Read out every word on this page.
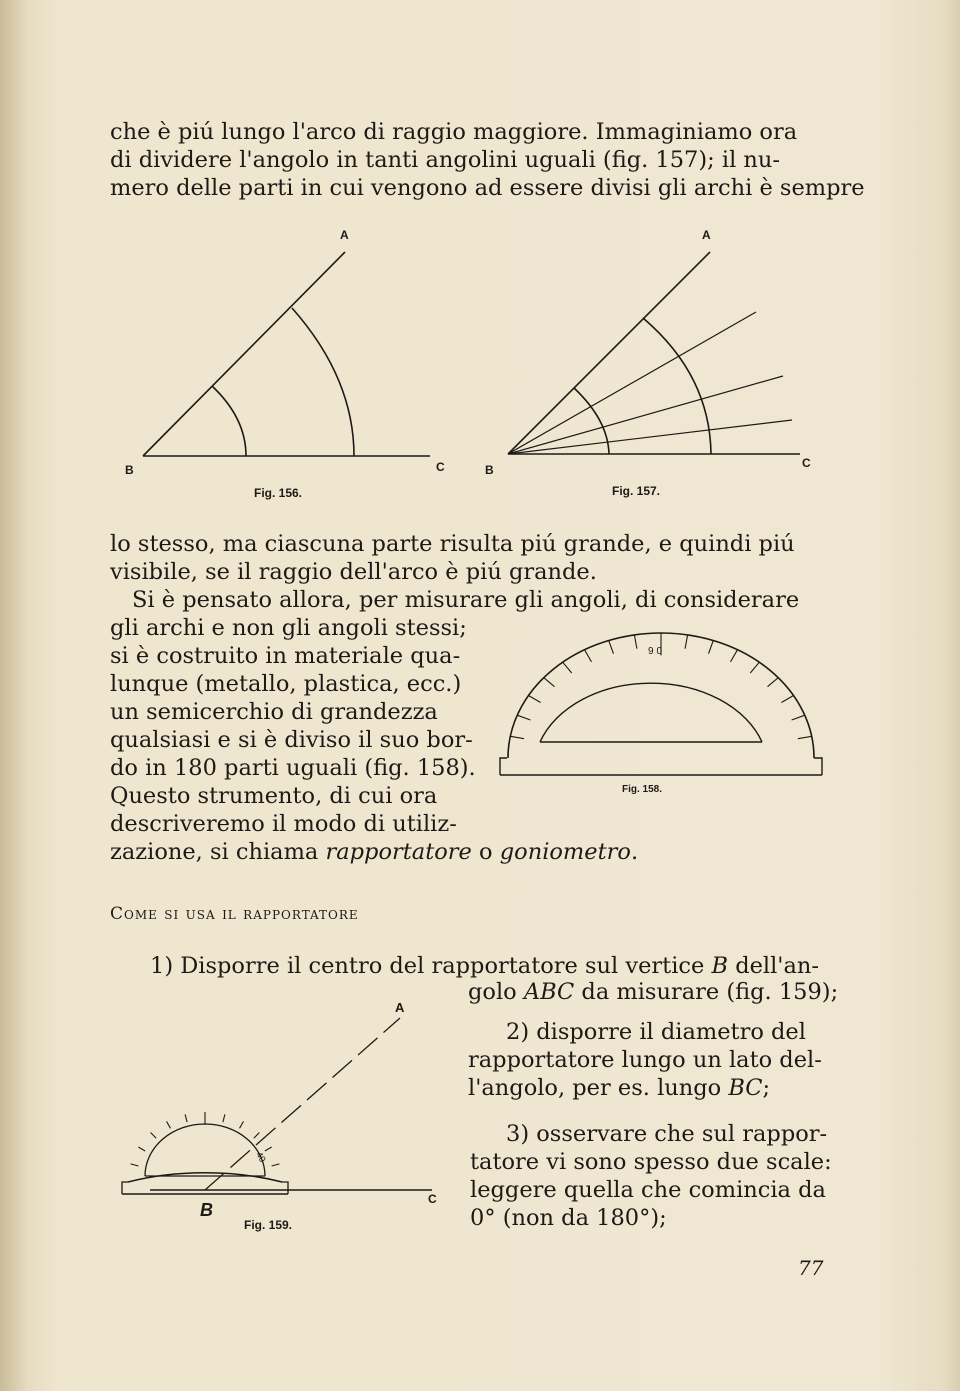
che è piú lungo l'arco di raggio maggiore. Immaginiamo ora
di dividere l'angolo in tanti angolini uguali (fig. 157); il nu-
mero delle parti in cui vengono ad essere divisi gli archi è sempre
A
B	C
Fig. 156.
A
B	C
Fig. 157.
lo stesso, ma ciascuna parte risulta piú grande, e quindi piú
visibile, se il raggio dell'arco è piú grande.
Si è pensato allora, per misurare gli angoli, di considerare
gli archi e non gli angoli stessi;
si è costruito in materiale qua-
lunque (metallo, plastica, ecc.)
un semicerchio di grandezza
qualsiasi e si è diviso il suo bor-
do in 180 parti uguali (fig. 158).
Questo strumento, di cui ora
descriveremo il modo di utiliz-
zazione, si chiama rapportatore o goniometro.
90
Fig. 158.
Come si usa il rapportatore
1) Disporre il centro del rapportatore sul vertice B dell'an-
golo ABC da misurare (fig. 159);
2) disporre il diametro del
rapportatore lungo un lato del-
l'angolo, per es. lungo BC;
3) osservare che sul rappor-
tatore vi sono spesso due scale:
leggere quella che comincia da
0° (non da 180°);
A
B
C
40
Fig. 159.
77
